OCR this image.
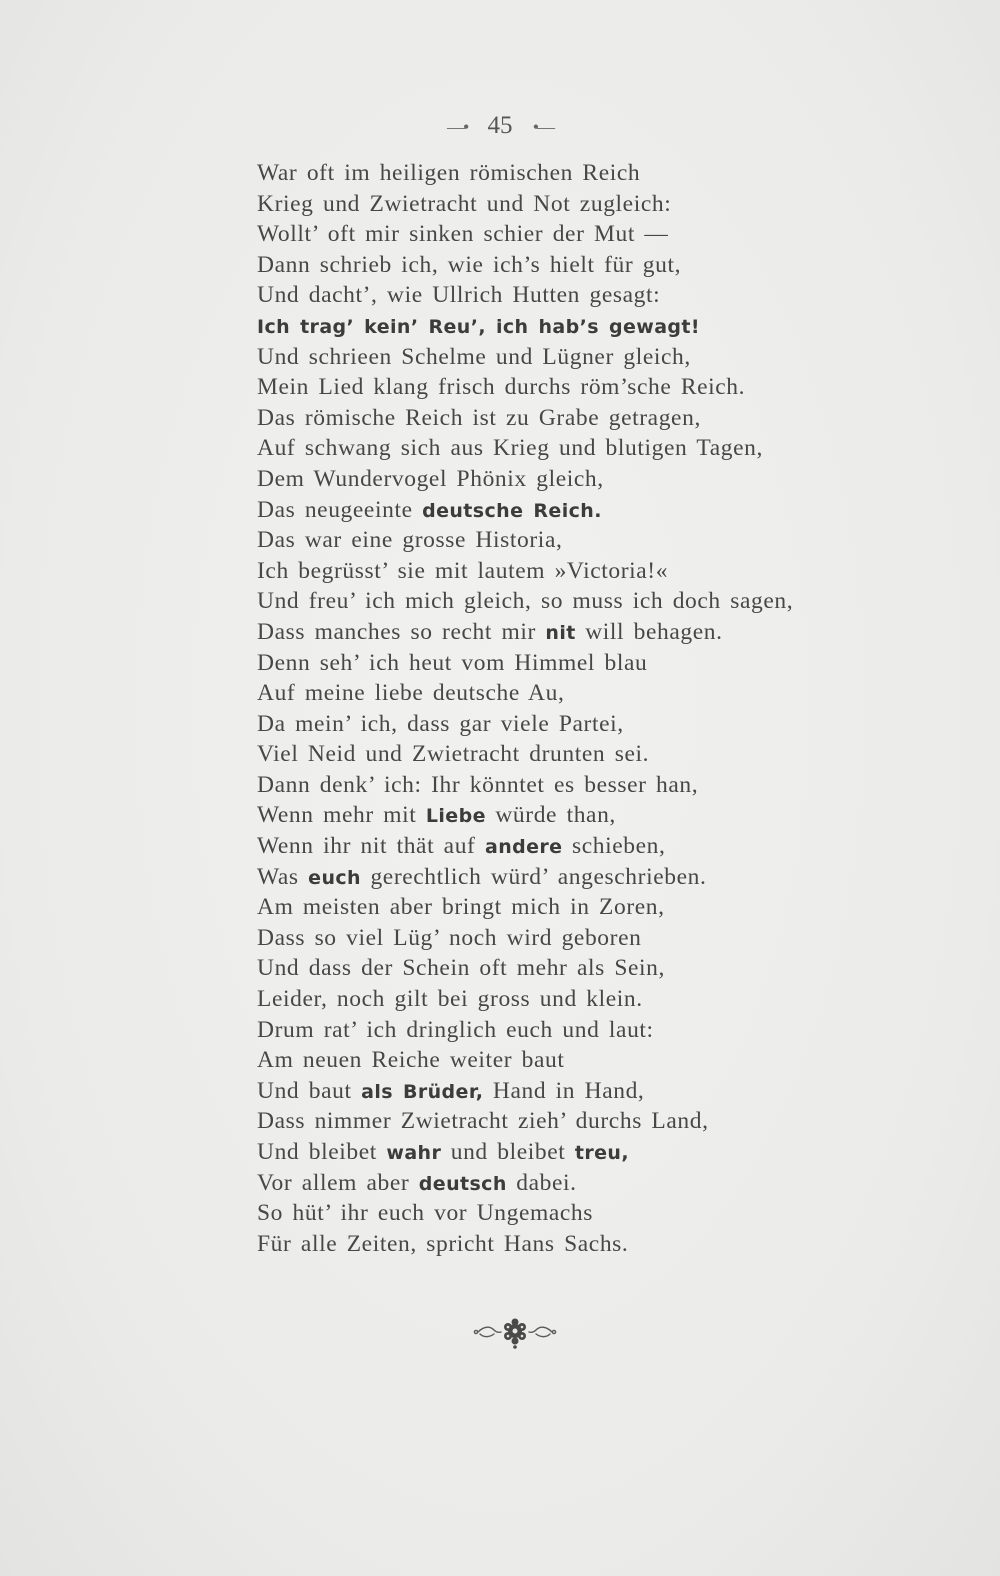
—• 45 •—
War oft im heiligen römischen Reich
Krieg und Zwietracht und Not zugleich:
Wollt’ oft mir sinken schier der Mut —
Dann schrieb ich, wie ich’s hielt für gut,
Und dacht’, wie Ullrich Hutten gesagt:
Ich trag’ kein’ Reu’, ich hab’s gewagt!
Und schrieen Schelme und Lügner gleich,
Mein Lied klang frisch durchs röm’sche Reich.
Das römische Reich ist zu Grabe getragen,
Auf schwang sich aus Krieg und blutigen Tagen,
Dem Wundervogel Phönix gleich,
Das neugeeinte deutsche Reich.
Das war eine grosse Historia,
Ich begrüsst’ sie mit lautem »Victoria!«
Und freu’ ich mich gleich, so muss ich doch sagen,
Dass manches so recht mir nit will behagen.
Denn seh’ ich heut vom Himmel blau
Auf meine liebe deutsche Au,
Da mein’ ich, dass gar viele Partei,
Viel Neid und Zwietracht drunten sei.
Dann denk’ ich: Ihr könntet es besser han,
Wenn mehr mit Liebe würde than,
Wenn ihr nit thät auf andere schieben,
Was euch gerechtlich würd’ angeschrieben.
Am meisten aber bringt mich in Zoren,
Dass so viel Lüg’ noch wird geboren
Und dass der Schein oft mehr als Sein,
Leider, noch gilt bei gross und klein.
Drum rat’ ich dringlich euch und laut:
Am neuen Reiche weiter baut
Und baut als Brüder, Hand in Hand,
Dass nimmer Zwietracht zieh’ durchs Land,
Und bleibet wahr und bleibet treu,
Vor allem aber deutsch dabei.
So hüt’ ihr euch vor Ungemachs
Für alle Zeiten, spricht Hans Sachs.
